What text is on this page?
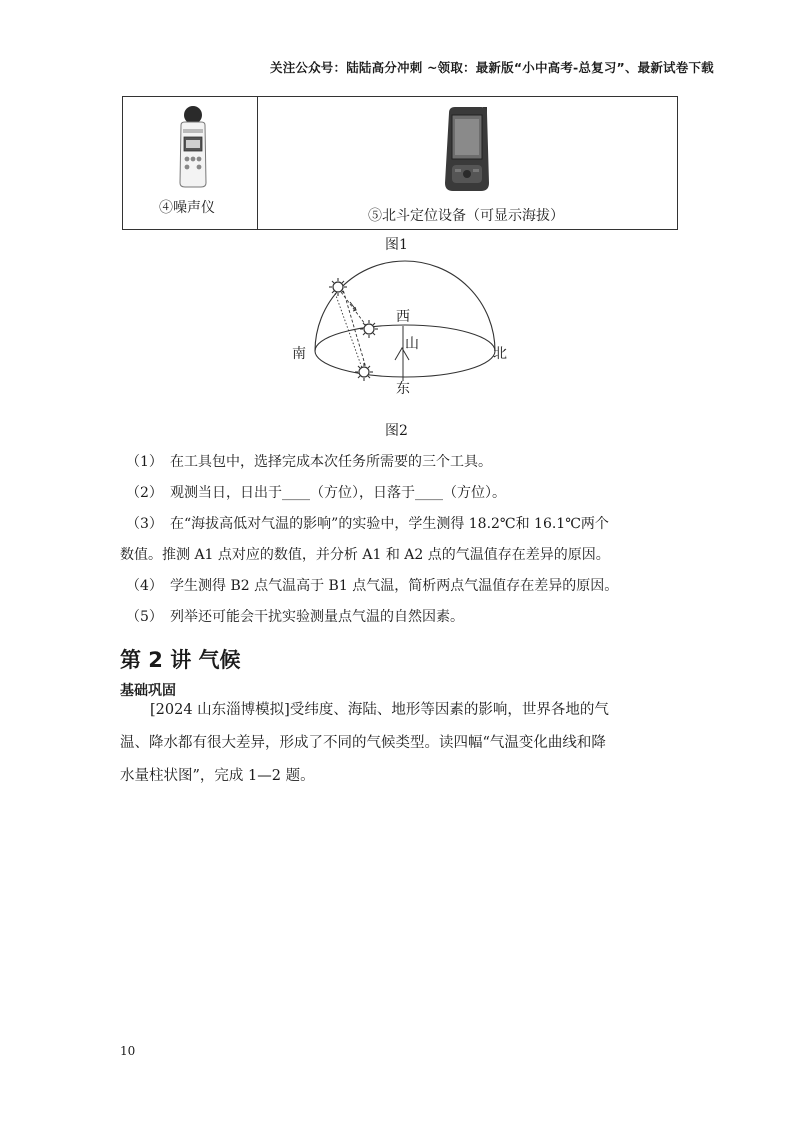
关注公众号：陆陆高分冲刺 ~领取：最新版“小中高考-总复习”、最新试卷下载
④噪声仪	⑤北斗定位设备（可显示海拔）
图1
西
山
南	北
东
图2
（1） 在工具包中，选择完成本次任务所需要的三个工具。
（2） 观测当日，日出于____（方位），日落于____（方位）。
（3） 在“海拔高低对气温的影响”的实验中，学生测得 18.2℃和 16.1℃两个
数值。推测 A1 点对应的数值，并分析 A1 和 A2 点的气温值存在差异的原因。
（4） 学生测得 B2 点气温高于 B1 点气温，简析两点气温值存在差异的原因。
（5） 列举还可能会干扰实验测量点气温的自然因素。
第 2 讲 气候
基础巩固
[2024 山东淄博模拟]受纬度、海陆、地形等因素的影响，世界各地的气
温、降水都有很大差异，形成了不同的气候类型。读四幅“气温变化曲线和降
水量柱状图”，完成 1—2 题。
10
